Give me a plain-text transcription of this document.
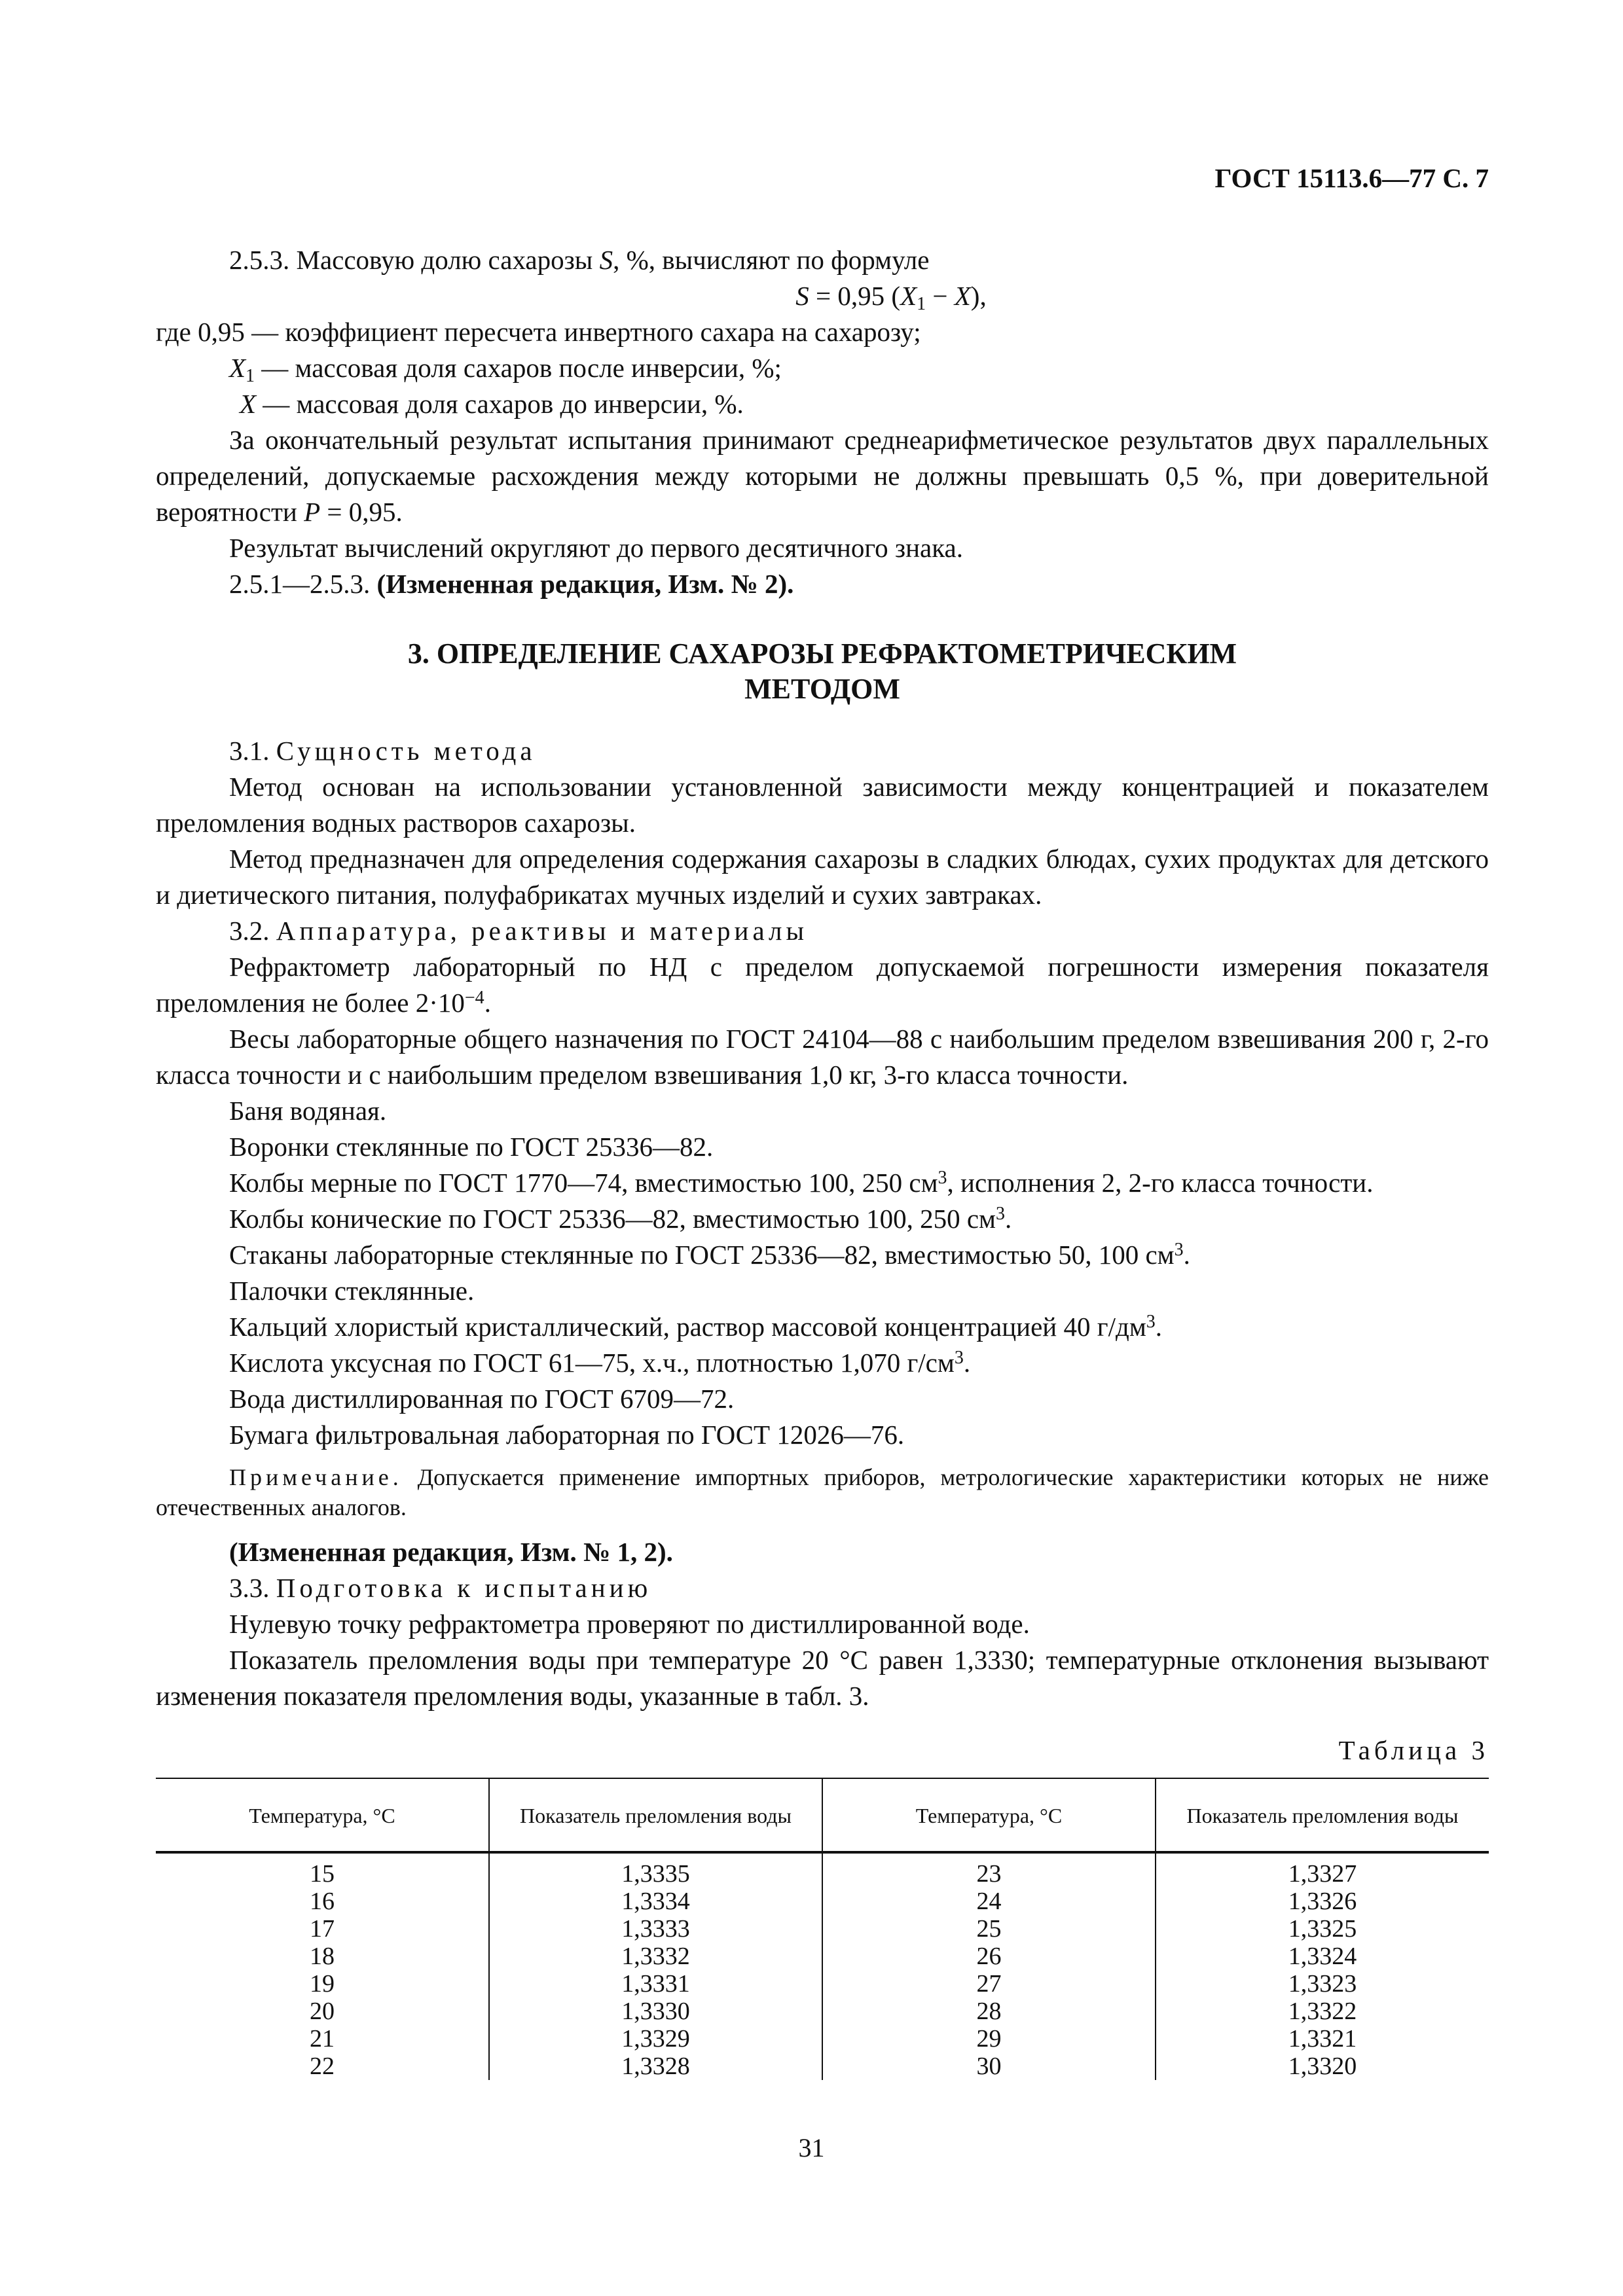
ГОСТ 15113.6—77 С. 7

2.5.3. Массовую долю сахарозы S, %, вычисляют по формуле

S = 0,95 $(X_1 - X)$,

где 0,95 — коэффициент пересчета инвертного сахара на сахарозу;

$X_1$ — массовая доля сахаров после инверсии, %;

X — массовая доля сахаров до инверсии, %.

За окончательный результат испытания принимают среднеарифметическое результатов двух параллельных определений, допускаемые расхождения между которыми не должны превышать 0,5 %, при доверительной вероятности P = 0,95.

Результат вычислений округляют до первого десятичного знака.

2.5.1—2.5.3. (Измененная редакция, Изм. № 2).

3. ОПРЕДЕЛЕНИЕ САХАРОЗЫ РЕФРАКТОМЕТРИЧЕСКИМ
МЕТОДОМ

3.1. Сущность метода

Метод основан на использовании установленной зависимости между концентрацией и показателем преломления водных растворов сахарозы.

Метод предназначен для определения содержания сахарозы в сладких блюдах, сухих продуктах для детского и диетического питания, полуфабрикатах мучных изделий и сухих завтраках.

3.2. Аппаратура, реактивы и материалы

Рефрактометр лабораторный по НД с пределом допускаемой погрешности измерения показателя преломления не более $2\cdot 10^{-4}$.

Весы лабораторные общего назначения по ГОСТ 24104—88 с наибольшим пределом взвешивания 200 г, 2-го класса точности и с наибольшим пределом взвешивания 1,0 кг, 3-го класса точности.

Баня водяная.

Воронки стеклянные по ГОСТ 25336—82.

Колбы мерные по ГОСТ 1770—74, вместимостью 100, 250 $см^3$, исполнения 2, 2-го класса точности.

Колбы конические по ГОСТ 25336—82, вместимостью 100, 250 $см^3$.

Стаканы лабораторные стеклянные по ГОСТ 25336—82, вместимостью 50, 100 $см^3$.

Палочки стеклянные.

Кальций хлористый кристаллический, раствор массовой концентрацией 40 $г/дм^3$.

Кислота уксусная по ГОСТ 61—75, х.ч., плотностью 1,070 $г/см^3$.

Вода дистиллированная по ГОСТ 6709—72.

Бумага фильтровальная лабораторная по ГОСТ 12026—76.

Примечание. Допускается применение импортных приборов, метрологические характеристики которых не ниже отечественных аналогов.

(Измененная редакция, Изм. № 1, 2).

3.3. Подготовка к испытанию

Нулевую точку рефрактометра проверяют по дистиллированной воде.

Показатель преломления воды при температуре 20 °С равен 1,3330; температурные отклонения вызывают изменения показателя преломления воды, указанные в табл. 3.

Таблица 3
Температура, °С	Показатель преломления воды	Температура, °С	Показатель преломления воды
15	1,3335	23	1,3327
16	1,3334	24	1,3326
17	1,3333	25	1,3325
18	1,3332	26	1,3324
19	1,3331	27	1,3323
20	1,3330	28	1,3322
21	1,3329	29	1,3321
22	1,3328	30	1,3320
31
